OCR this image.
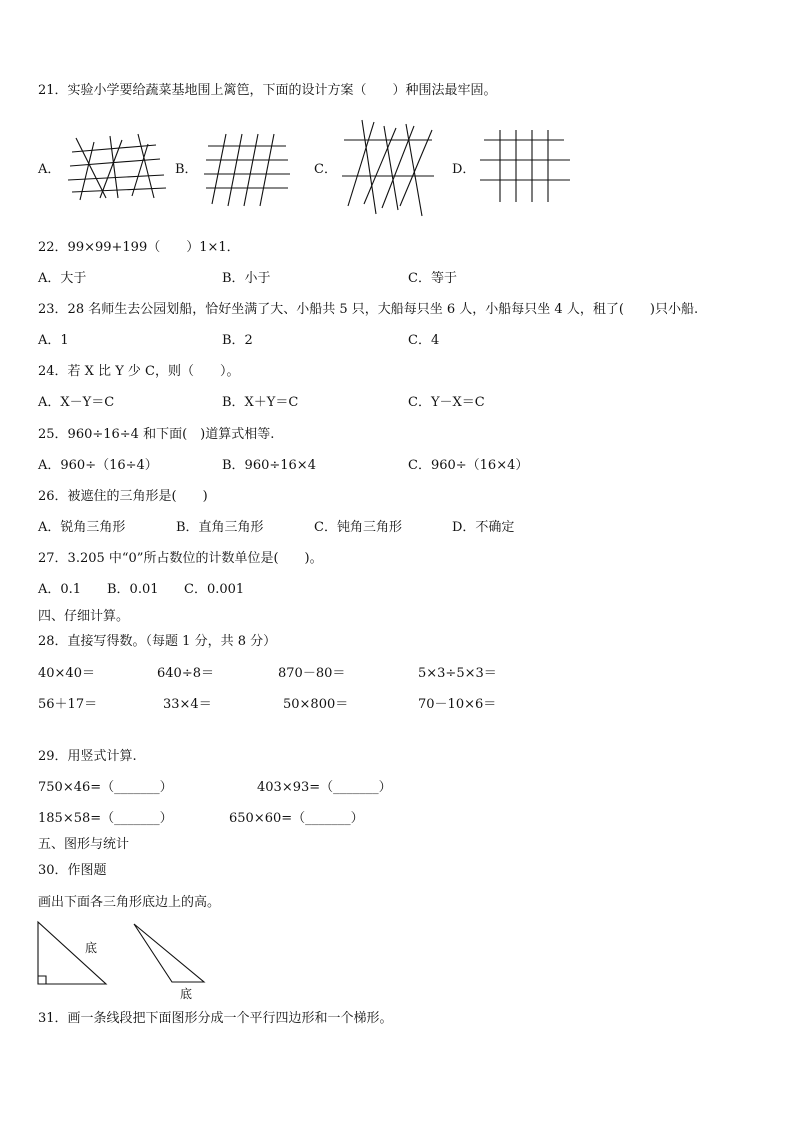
21．实验小学要给蔬菜基地围上篱笆，下面的设计方案（　　）种围法最牢固。
A．	B．	C．	D．
22．99×99+199（　　）1×1．
A．大于	B．小于	C．等于
23．28 名师生去公园划船，恰好坐满了大、小船共 5 只，大船每只坐 6 人，小船每只坐 4 人，租了(　　)只小船.
A．1	B．2	C．4
24．若 X 比 Y 少 C，则（　　）。
A．X－Y＝C	B．X＋Y＝C	C．Y－X＝C
25．960÷16÷4 和下面(　)道算式相等.
A．960÷（16÷4）	B．960÷16×4	C．960÷（16×4）
26．被遮住的三角形是(　　)
A．锐角三角形	B．直角三角形	C．钝角三角形	D．不确定
27．3.205 中“0”所占数位的计数单位是(　　)。
A．0.1 B．0.01 C．0.001
四、仔细计算。
28．直接写得数。（每题 1 分，共 8 分）
40×40＝	640÷8＝	870－80＝	5×3÷5×3＝
56＋17＝	33×4＝	50×800＝	70－10×6＝
29．用竖式计算.
750×46=（_______）	403×93=（_______）
185×58=（_______）	650×60=（_______）
五、图形与统计
30．作图题
画出下面各三角形底边上的高。
底
底
31．画一条线段把下面图形分成一个平行四边形和一个梯形。
